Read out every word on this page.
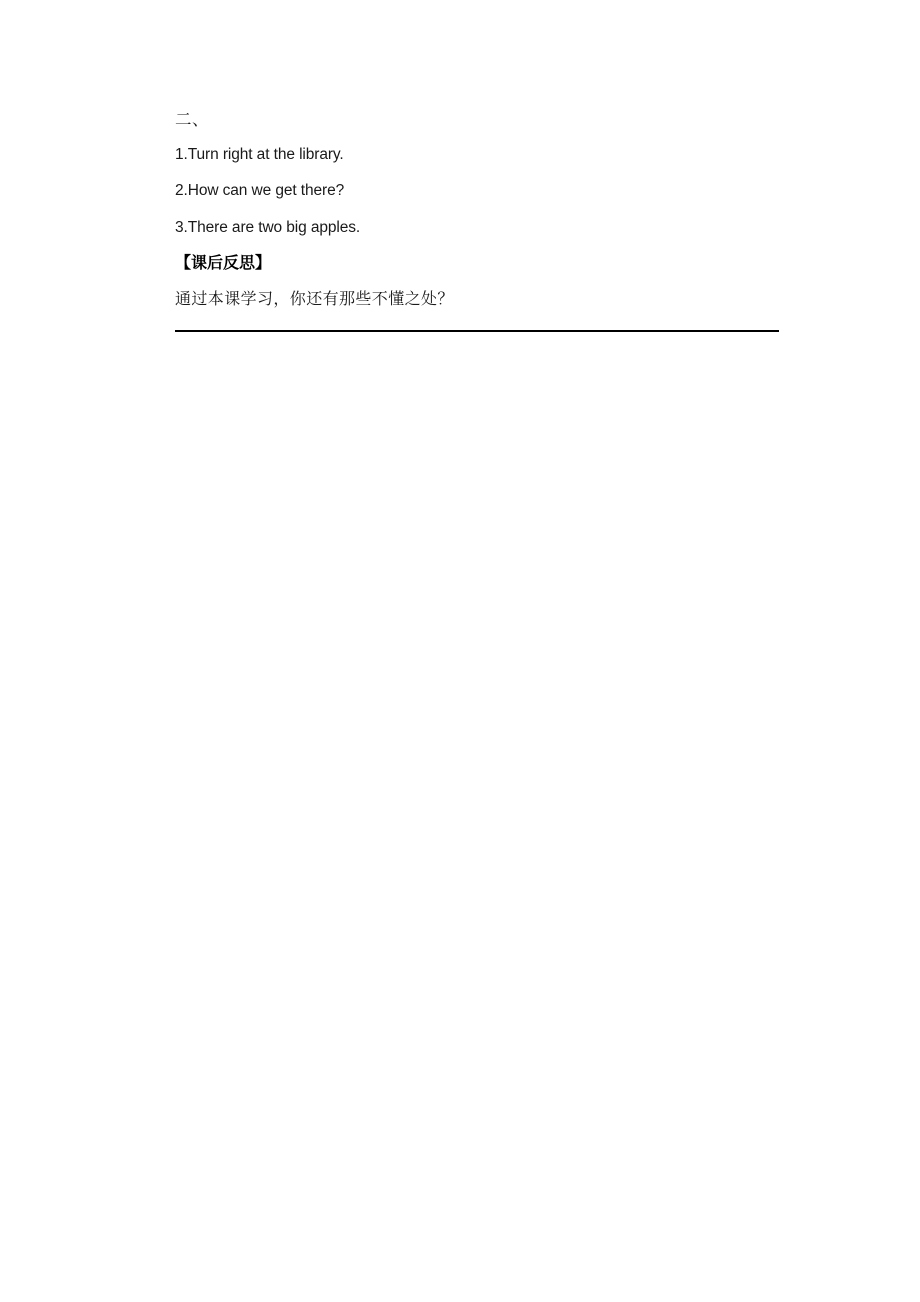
二、

1.Turn right at the library.

2.How can we get there?

3.There are two big apples.

【课后反思】

通过本课学习，你还有那些不懂之处？
